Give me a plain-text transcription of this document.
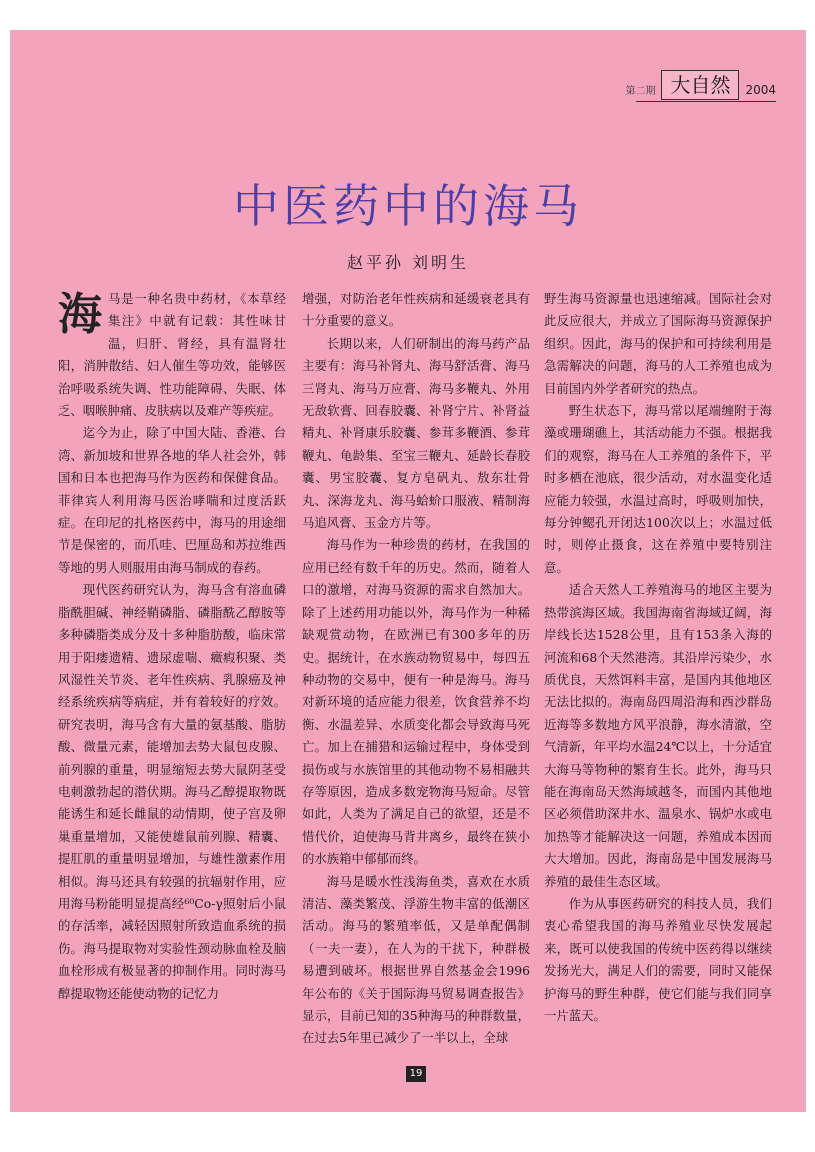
第二期 大自然	2004
中医药中的海马
赵平孙 刘明生

海马是一种名贵中药材，《本草经集注》中就有记载：其性味甘温，归肝、肾经，具有温肾壮阳，消肿散结、妇人催生等功效，能够医治呼吸系统失调、性功能障碍、失眠、体乏、咽喉肿痛、皮肤病以及难产等疾症。

迄今为止，除了中国大陆、香港、台湾、新加坡和世界各地的华人社会外，韩国和日本也把海马作为医药和保健食品。菲律宾人利用海马医治哮喘和过度活跃症。在印尼的扎格医药中，海马的用途细节是保密的，而爪哇、巴厘岛和苏拉维西等地的男人则服用由海马制成的春药。

现代医药研究认为，海马含有溶血磷脂酰胆碱、神经鞘磷脂、磷脂酰乙醇胺等多种磷脂类成分及十多种脂肪酸，临床常用于阳痿遗精、遗尿虚喘、癥瘕积聚、类风湿性关节炎、老年性疾病、乳腺癌及神经系统疾病等病症，并有着较好的疗效。研究表明，海马含有大量的氨基酸、脂肪酸、微量元素，能增加去势大鼠包皮腺、前列腺的重量，明显缩短去势大鼠阴茎受电刺激勃起的潜伏期。海马乙醇提取物既能诱生和延长雌鼠的动情期，使子宫及卵巢重量增加，又能使雄鼠前列腺、精囊、提肛肌的重量明显增加，与雄性激素作用相似。海马还具有较强的抗辐射作用，应用海马粉能明显提高经⁶⁰Co-γ照射后小鼠的存活率，减轻因照射所致造血系统的损伤。海马提取物对实验性颈动脉血栓及脑血栓形成有极显著的抑制作用。同时海马醇提取物还能使动物的记忆力

增强，对防治老年性疾病和延缓衰老具有十分重要的意义。

长期以来，人们研制出的海马药产品主要有：海马补肾丸、海马舒活膏、海马三肾丸、海马万应膏、海马多鞭丸、外用无敌软膏、回春胶囊、补肾宁片、补肾益精丸、补肾康乐胶囊、参茸多鞭酒、参茸鞭丸、龟龄集、至宝三鞭丸、延龄长春胶囊、男宝胶囊、复方皂矾丸、敖东壮骨丸、深海龙丸、海马蛤蚧口服液、精制海马追风膏、玉金方片等。

海马作为一种珍贵的药材，在我国的应用已经有数千年的历史。然而，随着人口的激增，对海马资源的需求自然加大。除了上述药用功能以外，海马作为一种稀缺观赏动物，在欧洲已有300多年的历史。据统计，在水族动物贸易中，每四五种动物的交易中，便有一种是海马。海马对新环境的适应能力很差，饮食营养不均衡、水温差异、水质变化都会导致海马死亡。加上在捕猎和运输过程中，身体受到损伤或与水族馆里的其他动物不易相融共存等原因，造成多数宠物海马短命。尽管如此，人类为了满足自己的欲望，还是不惜代价，迫使海马背井离乡，最终在狭小的水族箱中郁郁而终。

海马是暖水性浅海鱼类，喜欢在水质清洁、藻类繁茂、浮游生物丰富的低潮区活动。海马的繁殖率低，又是单配偶制（一夫一妻），在人为的干扰下，种群极易遭到破坏。根据世界自然基金会1996年公布的《关于国际海马贸易调查报告》显示，目前已知的35种海马的种群数量，在过去5年里已减少了一半以上，全球

野生海马资源量也迅速缩减。国际社会对此反应很大，并成立了国际海马资源保护组织。因此，海马的保护和可持续利用是急需解决的问题，海马的人工养殖也成为目前国内外学者研究的热点。

野生状态下，海马常以尾端缠附于海藻或珊瑚礁上，其活动能力不强。根据我们的观察，海马在人工养殖的条件下，平时多栖在池底，很少活动，对水温变化适应能力较强，水温过高时，呼吸则加快，每分钟鳃孔开闭达100次以上；水温过低时，则停止摄食，这在养殖中要特别注意。

适合天然人工养殖海马的地区主要为热带滨海区域。我国海南省海域辽阔，海岸线长达1528公里，且有153条入海的河流和68个天然港湾。其沿岸污染少，水质优良，天然饵料丰富，是国内其他地区无法比拟的。海南岛四周沿海和西沙群岛近海等多数地方风平浪静，海水清澈，空气清新，年平均水温24℃以上，十分适宜大海马等物种的繁育生长。此外，海马只能在海南岛天然海域越冬，而国内其他地区必须借助深井水、温泉水、锅炉水或电加热等才能解决这一问题，养殖成本因而大大增加。因此，海南岛是中国发展海马养殖的最佳生态区域。

作为从事医药研究的科技人员，我们衷心希望我国的海马养殖业尽快发展起来，既可以使我国的传统中医药得以继续发扬光大，满足人们的需要，同时又能保护海马的野生种群，使它们能与我们同享一片蓝天。

19
